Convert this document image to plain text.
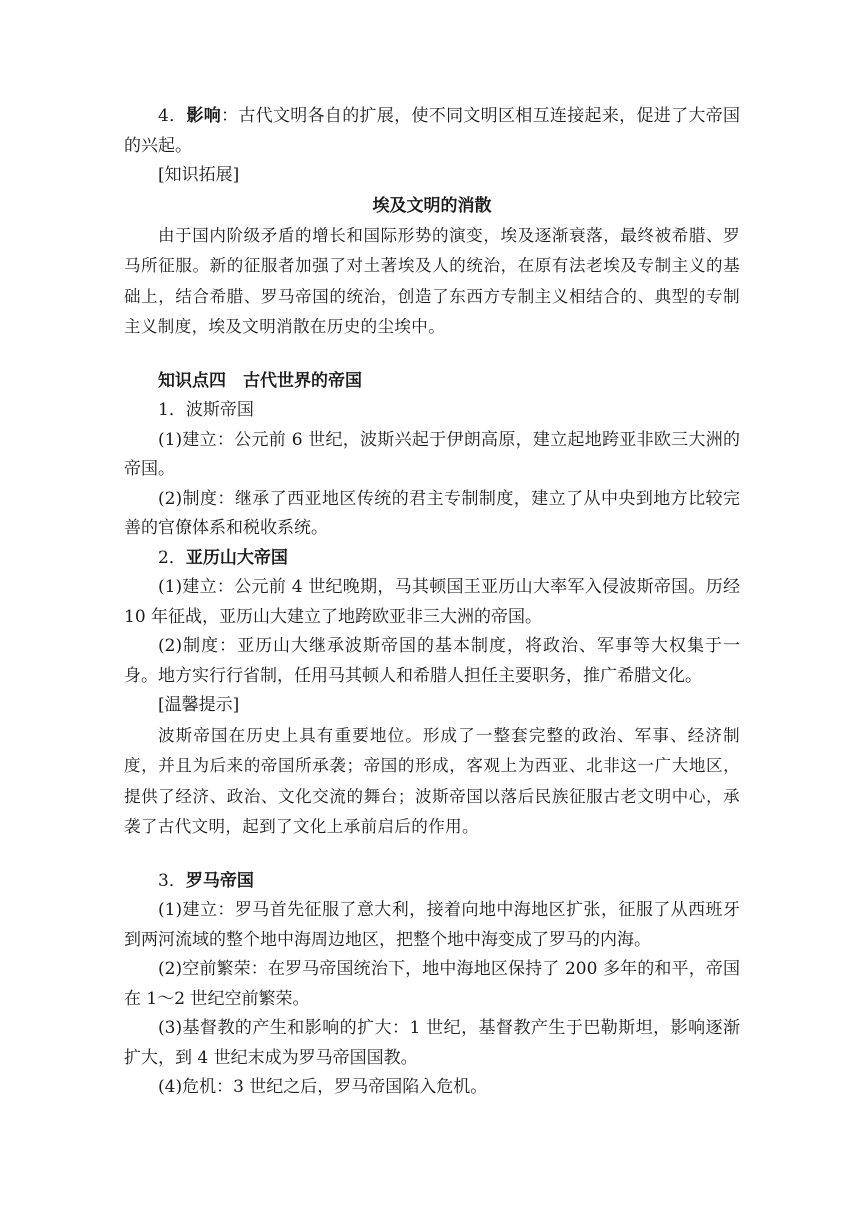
4．影响：古代文明各自的扩展，使不同文明区相互连接起来，促进了大帝国的兴起。

[知识拓展]

埃及文明的消散

由于国内阶级矛盾的增长和国际形势的演变，埃及逐渐衰落，最终被希腊、罗马所征服。新的征服者加强了对土著埃及人的统治，在原有法老埃及专制主义的基础上，结合希腊、罗马帝国的统治，创造了东西方专制主义相结合的、典型的专制主义制度，埃及文明消散在历史的尘埃中。

知识点四　古代世界的帝国

1．波斯帝国

(1)建立：公元前 6 世纪，波斯兴起于伊朗高原，建立起地跨亚非欧三大洲的帝国。

(2)制度：继承了西亚地区传统的君主专制制度，建立了从中央到地方比较完善的官僚体系和税收系统。

2．亚历山大帝国

(1)建立：公元前 4 世纪晚期，马其顿国王亚历山大率军入侵波斯帝国。历经 10 年征战，亚历山大建立了地跨欧亚非三大洲的帝国。

(2)制度：亚历山大继承波斯帝国的基本制度，将政治、军事等大权集于一身。地方实行行省制，任用马其顿人和希腊人担任主要职务，推广希腊文化。

[温馨提示]

波斯帝国在历史上具有重要地位。形成了一整套完整的政治、军事、经济制度，并且为后来的帝国所承袭；帝国的形成，客观上为西亚、北非这一广大地区，提供了经济、政治、文化交流的舞台；波斯帝国以落后民族征服古老文明中心，承袭了古代文明，起到了文化上承前启后的作用。

3．罗马帝国

(1)建立：罗马首先征服了意大利，接着向地中海地区扩张，征服了从西班牙到两河流域的整个地中海周边地区，把整个地中海变成了罗马的内海。

(2)空前繁荣：在罗马帝国统治下，地中海地区保持了 200 多年的和平，帝国在 1～2 世纪空前繁荣。

(3)基督教的产生和影响的扩大：1 世纪，基督教产生于巴勒斯坦，影响逐渐扩大，到 4 世纪末成为罗马帝国国教。

(4)危机：3 世纪之后，罗马帝国陷入危机。
